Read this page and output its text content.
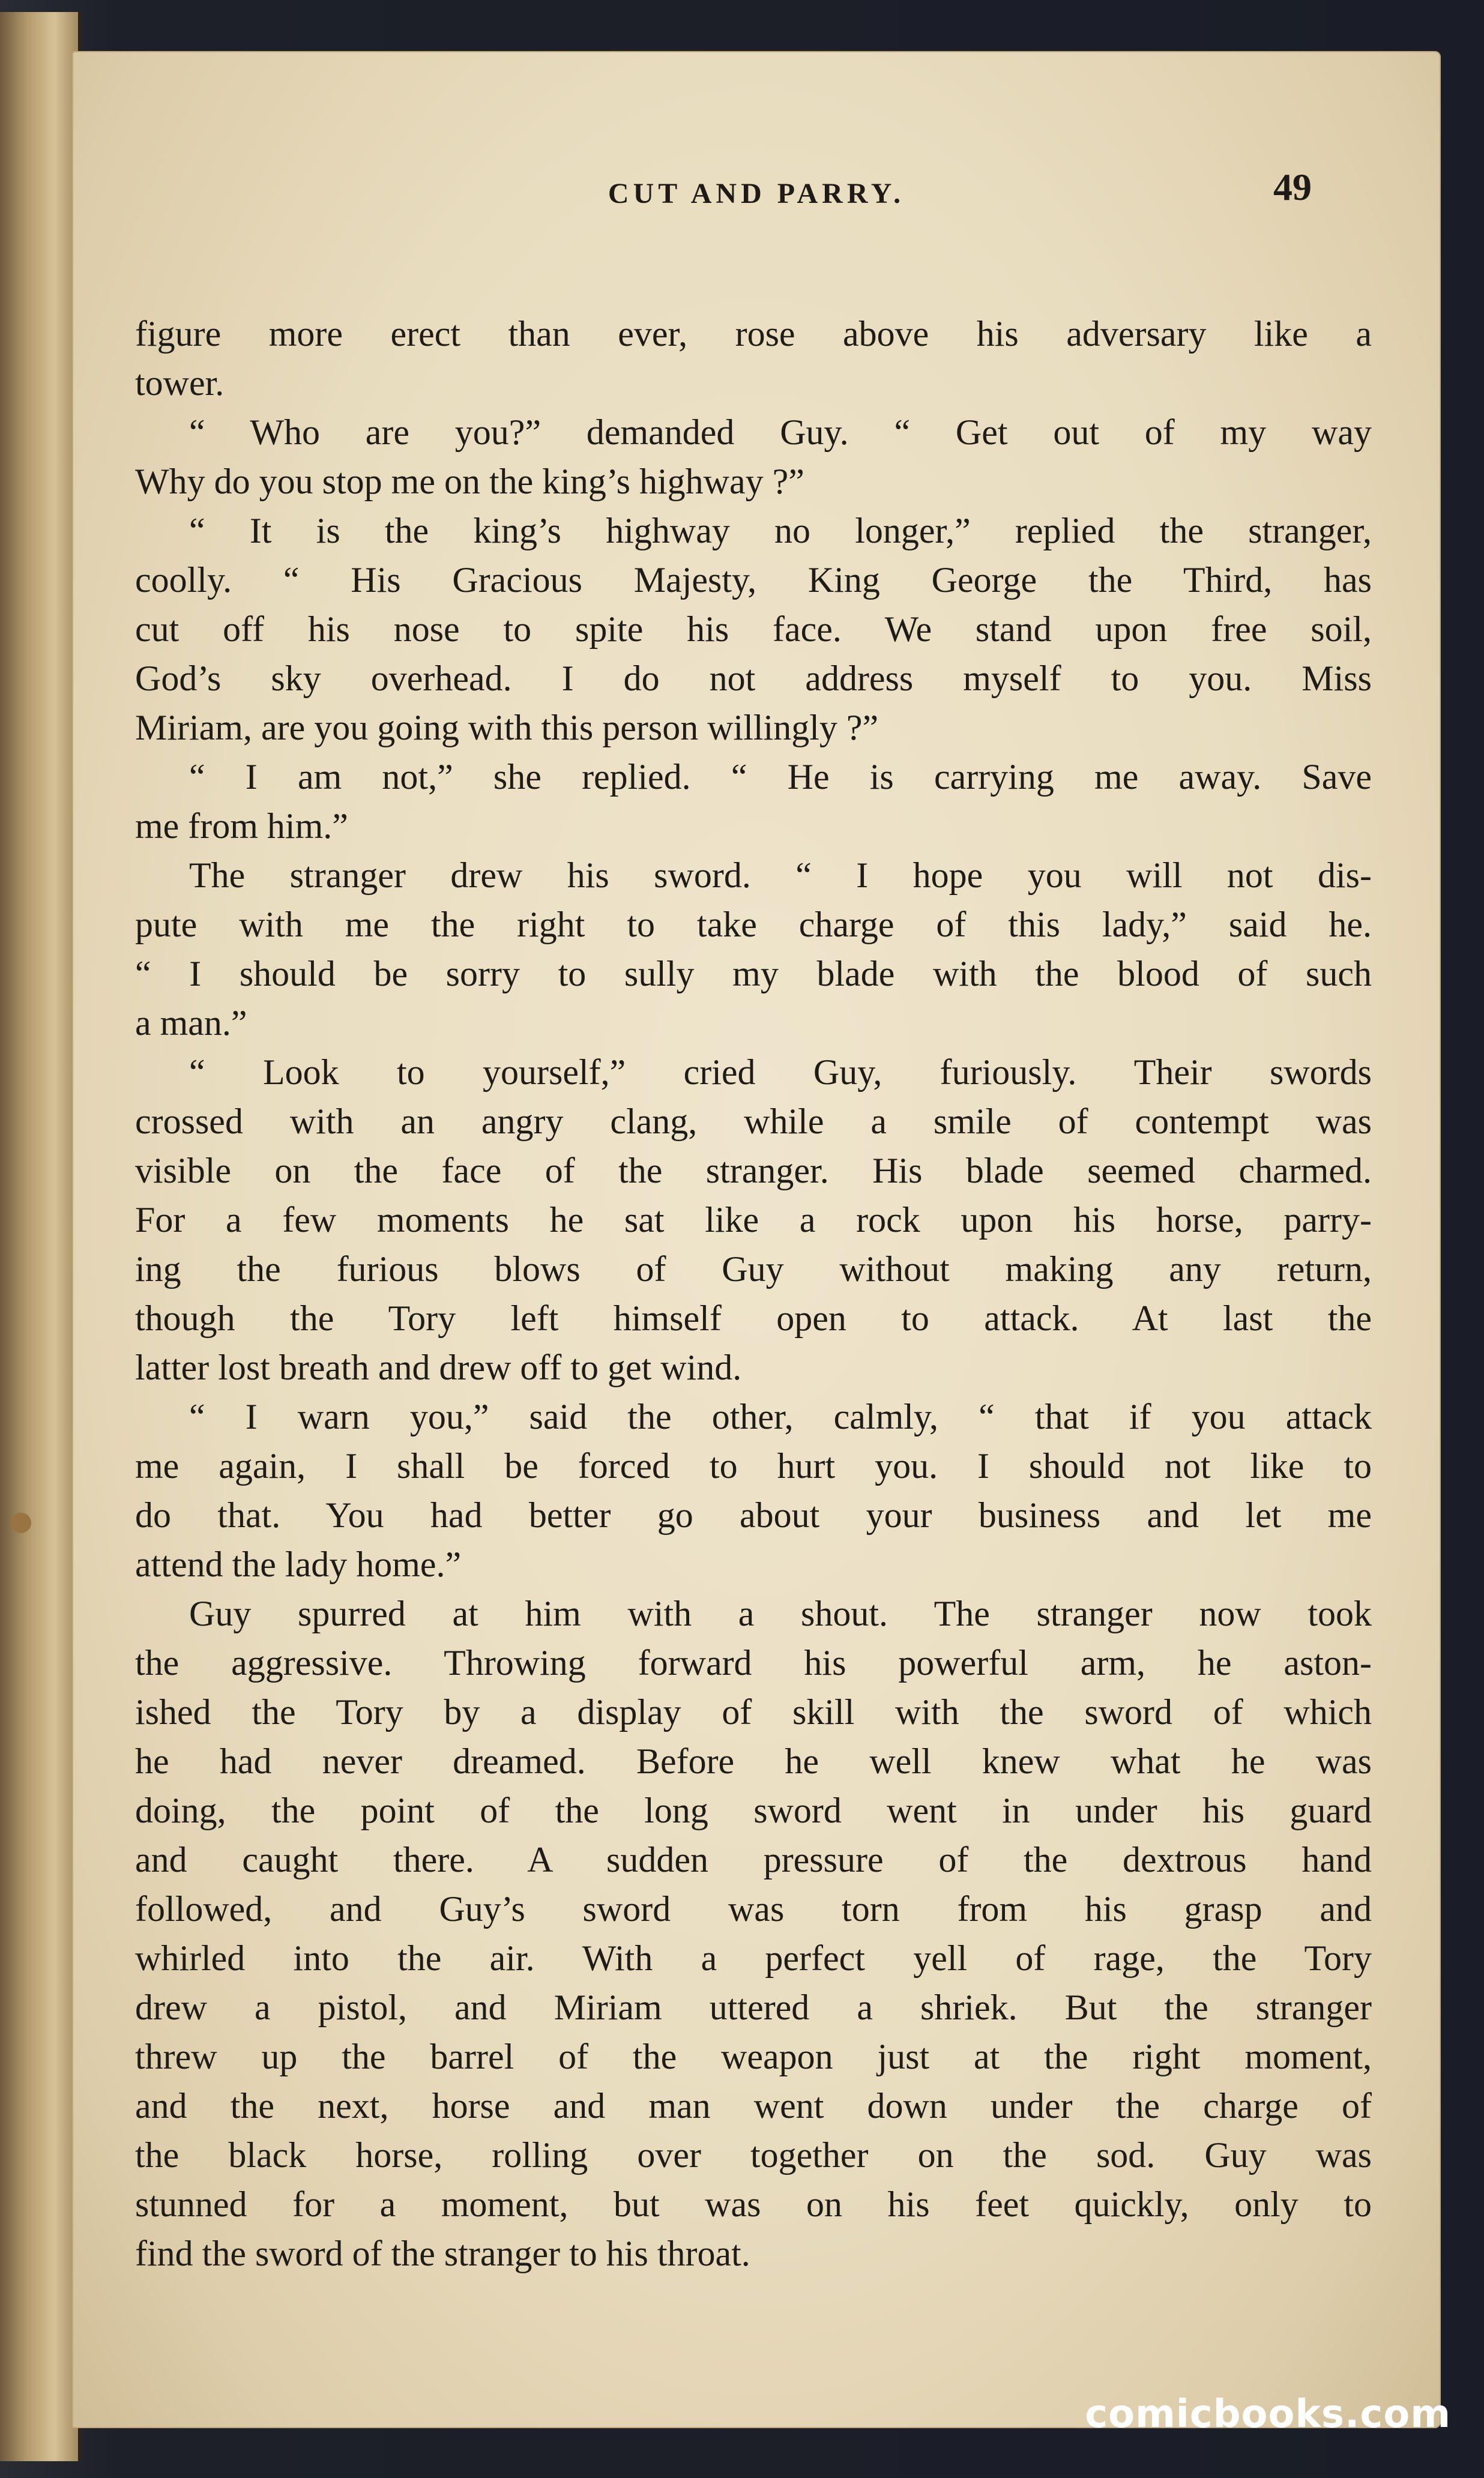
CUT AND PARRY.	49
figure more erect than ever, rose above his adversary like a
tower.
“ Who are you?” demanded Guy. “ Get out of my way
Why do you stop me on the king’s highway ?”
“ It is the king’s highway no longer,” replied the stranger,
coolly. “ His Gracious Majesty, King George the Third, has
cut off his nose to spite his face. We stand upon free soil,
God’s sky overhead. I do not address myself to you. Miss
Miriam, are you going with this person willingly ?”
“ I am not,” she replied. “ He is carrying me away. Save
me from him.”
The stranger drew his sword. “ I hope you will not dis-
pute with me the right to take charge of this lady,” said he.
“ I should be sorry to sully my blade with the blood of such
a man.”
“ Look to yourself,” cried Guy, furiously. Their swords
crossed with an angry clang, while a smile of contempt was
visible on the face of the stranger. His blade seemed charmed.
For a few moments he sat like a rock upon his horse, parry-
ing the furious blows of Guy without making any return,
though the Tory left himself open to attack. At last the
latter lost breath and drew off to get wind.
“ I warn you,” said the other, calmly, “ that if you attack
me again, I shall be forced to hurt you. I should not like to
do that. You had better go about your business and let me
attend the lady home.”
Guy spurred at him with a shout. The stranger now took
the aggressive. Throwing forward his powerful arm, he aston-
ished the Tory by a display of skill with the sword of which
he had never dreamed. Before he well knew what he was
doing, the point of the long sword went in under his guard
and caught there. A sudden pressure of the dextrous hand
followed, and Guy’s sword was torn from his grasp and
whirled into the air. With a perfect yell of rage, the Tory
drew a pistol, and Miriam uttered a shriek. But the stranger
threw up the barrel of the weapon just at the right moment,
and the next, horse and man went down under the charge of
the black horse, rolling over together on the sod. Guy was
stunned for a moment, but was on his feet quickly, only to
find the sword of the stranger to his throat.
comicbooks.com
